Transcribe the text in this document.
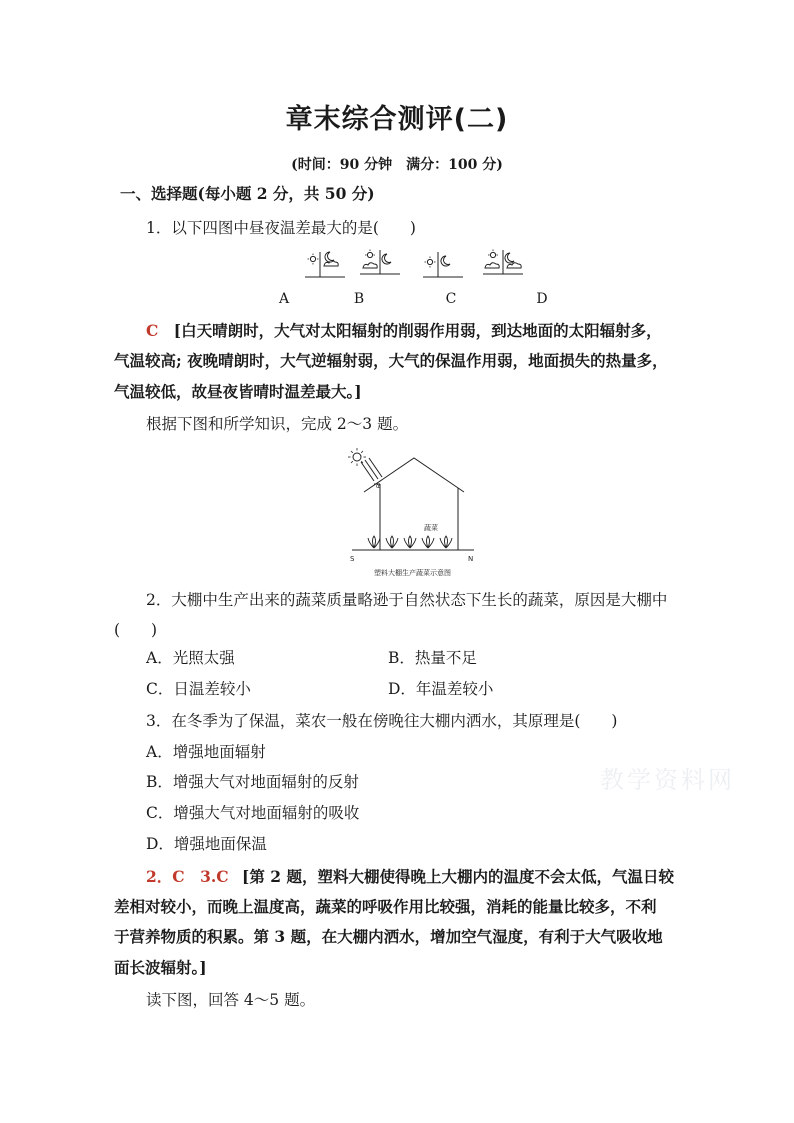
章末综合测评(二)
(时间：90 分钟　满分：100 分)
一、选择题(每小题 2 分，共 50 分)
1．以下四图中昼夜温差最大的是(　　)
A	B	C	D
C [白天晴朗时，大气对太阳辐射的削弱作用弱，到达地面的太阳辐射多，
气温较高; 夜晚晴朗时，大气逆辐射弱，大气的保温作用弱，地面损失的热量多，
气温较低，故昼夜皆晴时温差最大。]
根据下图和所学知识，完成 2～3 题。
α
蔬菜
S	N
塑料大棚生产蔬菜示意图
2．大棚中生产出来的蔬菜质量略逊于自然状态下生长的蔬菜，原因是大棚中
(　　)
A．光照太强	B．热量不足
C．日温差较小	D．年温差较小
3．在冬季为了保温，菜农一般在傍晚往大棚内洒水，其原理是(　　)
A．增强地面辐射
B．增强大气对地面辐射的反射
C．增强大气对地面辐射的吸收
D．增强地面保温
教学资料网
2．C　3.C [第 2 题，塑料大棚使得晚上大棚内的温度不会太低，气温日较
差相对较小，而晚上温度高，蔬菜的呼吸作用比较强，消耗的能量比较多，不利
于营养物质的积累。第 3 题，在大棚内洒水，增加空气湿度，有利于大气吸收地
面长波辐射。]
读下图，回答 4～5 题。
